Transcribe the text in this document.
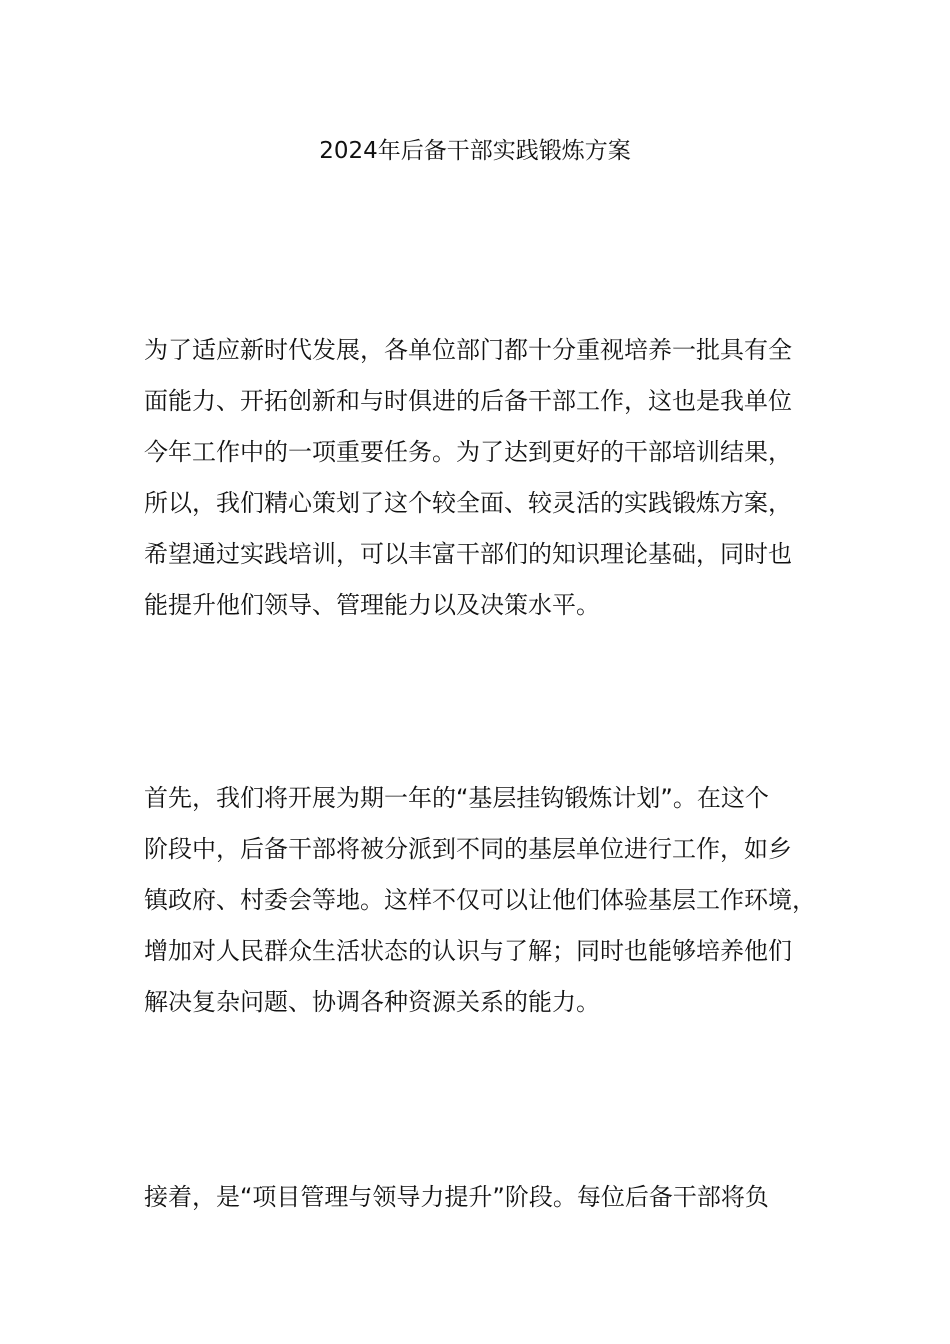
2024年后备干部实践锻炼方案
为了适应新时代发展，各单位部门都十分重视培养一批具有全
面能力、开拓创新和与时俱进的后备干部工作，这也是我单位
今年工作中的一项重要任务。为了达到更好的干部培训结果，
所以，我们精心策划了这个较全面、较灵活的实践锻炼方案，
希望通过实践培训，可以丰富干部们的知识理论基础，同时也
能提升他们领导、管理能力以及决策水平。
首先，我们将开展为期一年的“基层挂钩锻炼计划”。在这个
阶段中，后备干部将被分派到不同的基层单位进行工作，如乡
镇政府、村委会等地。这样不仅可以让他们体验基层工作环境，
增加对人民群众生活状态的认识与了解；同时也能够培养他们
解决复杂问题、协调各种资源关系的能力。
接着，是“项目管理与领导力提升”阶段。每位后备干部将负
